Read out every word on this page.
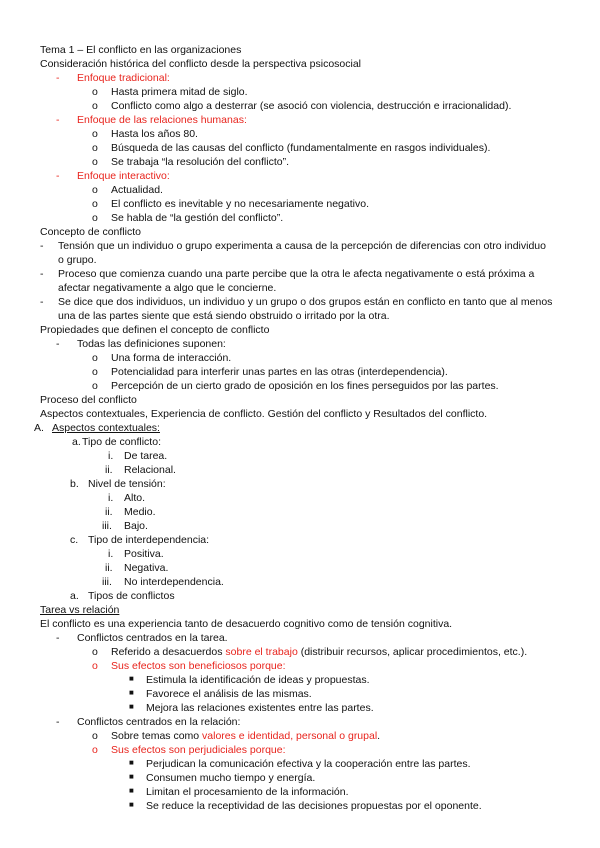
Tema 1 – El conflicto en las organizaciones
Consideración histórica del conflicto desde la perspectiva psicosocial
- Enfoque tradicional:
o Hasta primera mitad de siglo.
o Conflicto como algo a desterrar (se asoció con violencia, destrucción e irracionalidad).
- Enfoque de las relaciones humanas:
o Hasta los años 80.
o Búsqueda de las causas del conflicto (fundamentalmente en rasgos individuales).
o Se trabaja “la resolución del conflicto”.
- Enfoque interactivo:
o Actualidad.
o El conflicto es inevitable y no necesariamente negativo.
o Se habla de “la gestión del conflicto”.
Concepto de conflicto
- Tensión que un individuo o grupo experimenta a causa de la percepción de diferencias con otro individuo
o grupo.
- Proceso que comienza cuando una parte percibe que la otra le afecta negativamente o está próxima a
afectar negativamente a algo que le concierne.
- Se dice que dos individuos, un individuo y un grupo o dos grupos están en conflicto en tanto que al menos
una de las partes siente que está siendo obstruido o irritado por la otra.
Propiedades que definen el concepto de conflicto
- Todas las definiciones suponen:
o Una forma de interacción.
o Potencialidad para interferir unas partes en las otras (interdependencia).
o Percepción de un cierto grado de oposición en los fines perseguidos por las partes.
Proceso del conflicto
Aspectos contextuales, Experiencia de conflicto. Gestión del conflicto y Resultados del conflicto.
A. Aspectos contextuales:
a. Tipo de conflicto:
i. De tarea.
ii. Relacional.
b. Nivel de tensión:
i. Alto.
ii. Medio.
iii. Bajo.
c. Tipo de interdependencia:
i. Positiva.
ii. Negativa.
iii. No interdependencia.
a. Tipos de conflictos
Tarea vs relación
El conflicto es una experiencia tanto de desacuerdo cognitivo como de tensión cognitiva.
- Conflictos centrados en la tarea.
o Referido a desacuerdos sobre el trabajo (distribuir recursos, aplicar procedimientos, etc.).
o Sus efectos son beneficiosos porque:
■ Estimula la identificación de ideas y propuestas.
■ Favorece el análisis de las mismas.
■ Mejora las relaciones existentes entre las partes.
- Conflictos centrados en la relación:
o Sobre temas como valores e identidad, personal o grupal.
o Sus efectos son perjudiciales porque:
■ Perjudican la comunicación efectiva y la cooperación entre las partes.
■ Consumen mucho tiempo y energía.
■ Limitan el procesamiento de la información.
■ Se reduce la receptividad de las decisiones propuestas por el oponente.
